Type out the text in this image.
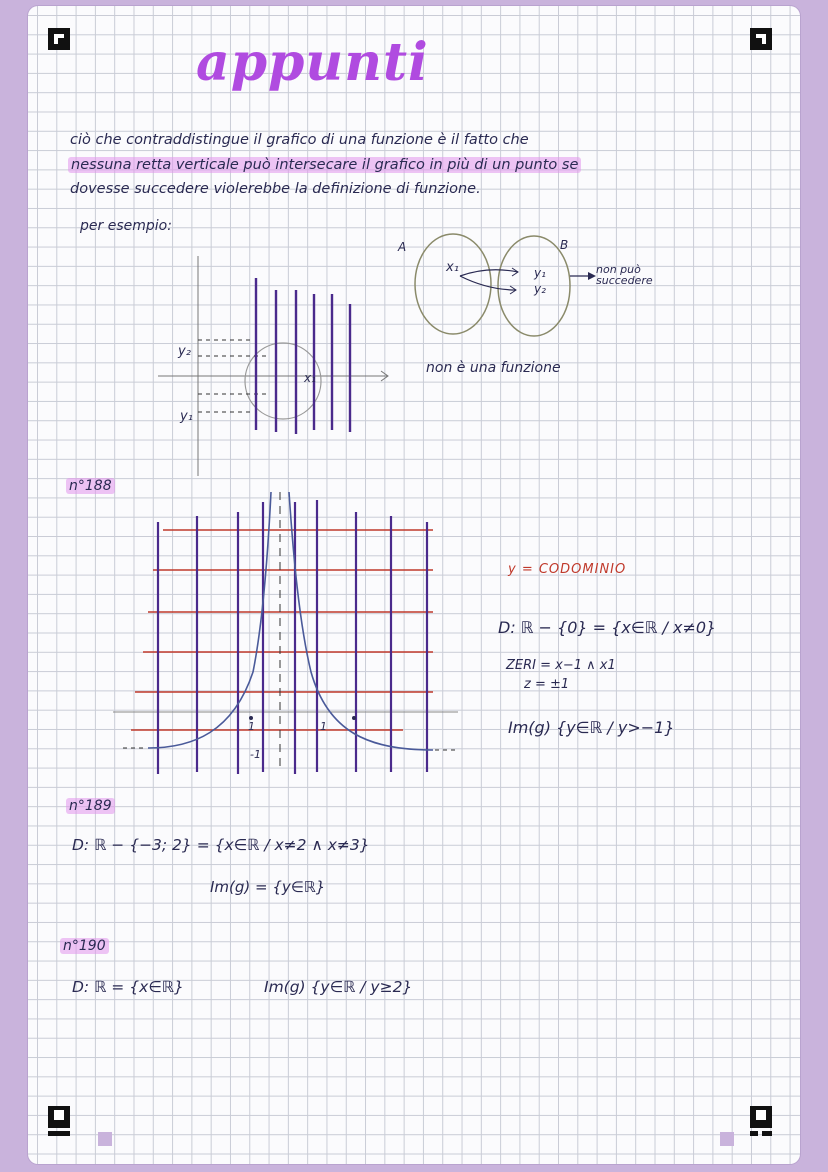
appunti
ciò che contraddistingue il grafico di una funzione è il fatto che
nessuna retta verticale può intersecare il grafico in più di un punto se
dovesse succedere violerebbe la definizione di funzione.
per esempio:
y₂
y₁
x₁
A	B
x₁	y₁
y₂
non può succedere
non è una funzione
n°188
1	1
-1
y = CODOMINIO
D: ℝ − {0} = {x∈ℝ / x≠0}
ZERI = x−1 ∧ x1
z = ±1
Im(g) {y∈ℝ / y>−1}
n°189
D: ℝ − {−3; 2} = {x∈ℝ / x≠2 ∧ x≠3}
Im(g) = {y∈ℝ}
n°190
D: ℝ = {x∈ℝ}	Im(g) {y∈ℝ / y≥2}
